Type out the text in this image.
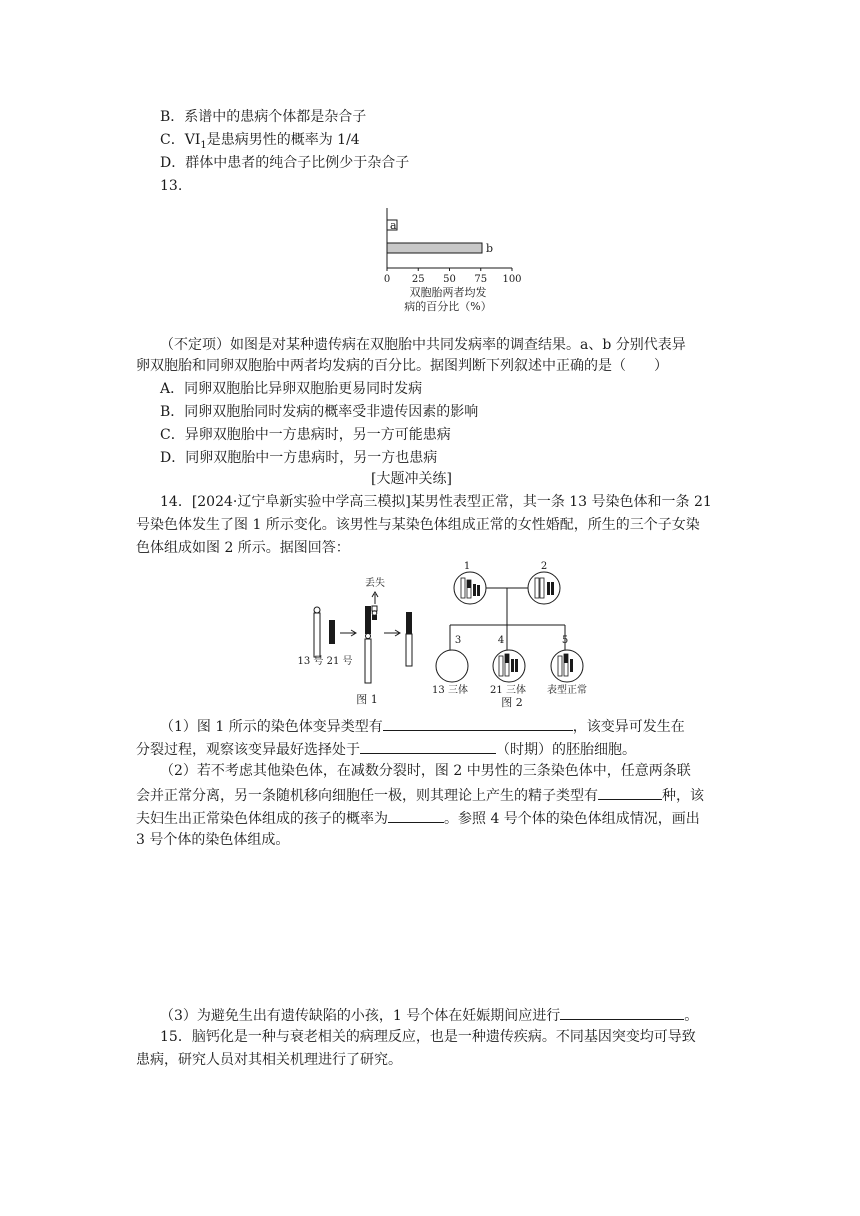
B．系谱中的患病个体都是杂合子
C．$VI_1$是患病男性的概率为 1/4
D．群体中患者的纯合子比例少于杂合子
13.
a
b
0 25 50 75 100
双胞胎两者均发
病的百分比（%）
（不定项）如图是对某种遗传病在双胞胎中共同发病率的调查结果。a、b 分别代表异
卵双胞胎和同卵双胞胎中两者均发病的百分比。据图判断下列叙述中正确的是（　　）
A．同卵双胞胎比异卵双胞胎更易同时发病
B．同卵双胞胎同时发病的概率受非遗传因素的影响
C．异卵双胞胎中一方患病时，另一方可能患病
D．同卵双胞胎中一方患病时，另一方也患病
[大题冲关练]
14．[2024·辽宁阜新实验中学高三模拟]某男性表型正常，其一条 13 号染色体和一条 21
号染色体发生了图 1 所示变化。该男性与某染色体组成正常的女性婚配，所生的三个子女染
色体组成如图 2 所示。据图回答：
丢失
13 号 21 号
图 1
1	2
3	4	5
13 三体 21 三体 表型正常
图 2
（1）图 1 所示的染色体变异类型有	，该变异可发生在
分裂过程，观察该变异最好选择处于	（时期）的胚胎细胞。
（2）若不考虑其他染色体，在减数分裂时，图 2 中男性的三条染色体中，任意两条联
会并正常分离，另一条随机移向细胞任一极，则其理论上产生的精子类型有	种，该
夫妇生出正常染色体组成的孩子的概率为	。参照 4 号个体的染色体组成情况，画出
3 号个体的染色体组成。
（3）为避免生出有遗传缺陷的小孩，1 号个体在妊娠期间应进行	。
15．脑钙化是一种与衰老相关的病理反应，也是一种遗传疾病。不同基因突变均可导致
患病，研究人员对其相关机理进行了研究。
